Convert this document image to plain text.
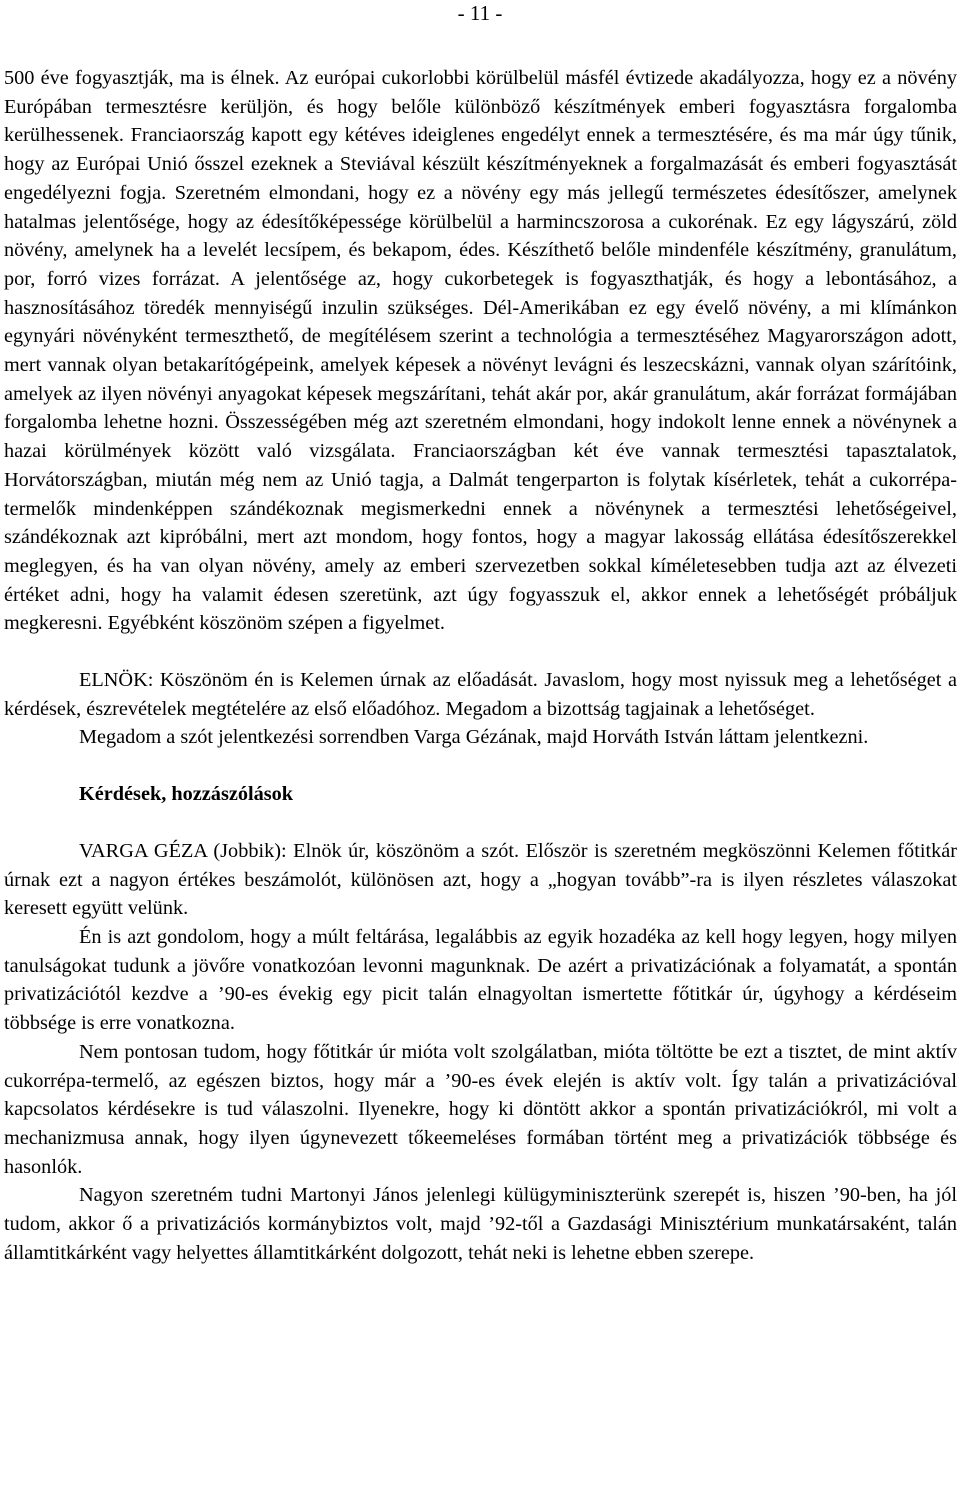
- 11 -

500 éve fogyasztják, ma is élnek. Az európai cukorlobbi körülbelül másfél évtizede akadályozza, hogy ez a növény Európában termesztésre kerüljön, és hogy belőle különböző készítmények emberi fogyasztásra forgalomba kerülhessenek. Franciaország kapott egy kétéves ideiglenes engedélyt ennek a termesztésére, és ma már úgy tűnik, hogy az Európai Unió ősszel ezeknek a Steviával készült készítményeknek a forgalmazását és emberi fogyasztását engedélyezni fogja. Szeretném elmondani, hogy ez a növény egy más jellegű természetes édesítőszer, amelynek hatalmas jelentősége, hogy az édesítőképessége körülbelül a harmincszorosa a cukorénak. Ez egy lágyszárú, zöld növény, amelynek ha a levelét lecsípem, és bekapom, édes. Készíthető belőle mindenféle készítmény, granulátum, por, forró vizes forrázat. A jelentősége az, hogy cukorbetegek is fogyaszthatják, és hogy a lebontásához, a hasznosításához töredék mennyiségű inzulin szükséges. Dél-Amerikában ez egy évelő növény, a mi klímánkon egynyári növényként termeszthető, de megítélésem szerint a technológia a termesztéséhez Magyarországon adott, mert vannak olyan betakarítógépeink, amelyek képesek a növényt levágni és leszecskázni, vannak olyan szárítóink, amelyek az ilyen növényi anyagokat képesek megszárítani, tehát akár por, akár granulátum, akár forrázat formájában forgalomba lehetne hozni. Összességében még azt szeretném elmondani, hogy indokolt lenne ennek a növénynek a hazai körülmények között való vizsgálata. Franciaországban két éve vannak termesztési tapasztalatok, Horvátországban, miután még nem az Unió tagja, a Dalmát tengerparton is folytak kísérletek, tehát a cukorrépa-termelők mindenképpen szándékoznak megismerkedni ennek a növénynek a termesztési lehetőségeivel, szándékoznak azt kipróbálni, mert azt mondom, hogy fontos, hogy a magyar lakosság ellátása édesítőszerekkel meglegyen, és ha van olyan növény, amely az emberi szervezetben sokkal kíméletesebben tudja azt az élvezeti értéket adni, hogy ha valamit édesen szeretünk, azt úgy fogyasszuk el, akkor ennek a lehetőségét próbáljuk megkeresni. Egyébként köszönöm szépen a figyelmet.

ELNÖK: Köszönöm én is Kelemen úrnak az előadását. Javaslom, hogy most nyissuk meg a lehetőséget a kérdések, észrevételek megtételére az első előadóhoz. Megadom a bizottság tagjainak a lehetőséget.

Megadom a szót jelentkezési sorrendben Varga Gézának, majd Horváth István láttam jelentkezni.

Kérdések, hozzászólások

VARGA GÉZA (Jobbik): Elnök úr, köszönöm a szót. Először is szeretném megköszönni Kelemen főtitkár úrnak ezt a nagyon értékes beszámolót, különösen azt, hogy a „hogyan tovább”-ra is ilyen részletes válaszokat keresett együtt velünk.

Én is azt gondolom, hogy a múlt feltárása, legalábbis az egyik hozadéka az kell hogy legyen, hogy milyen tanulságokat tudunk a jövőre vonatkozóan levonni magunknak. De azért a privatizációnak a folyamatát, a spontán privatizációtól kezdve a ’90-es évekig egy picit talán elnagyoltan ismertette főtitkár úr, úgyhogy a kérdéseim többsége is erre vonatkozna.

Nem pontosan tudom, hogy főtitkár úr mióta volt szolgálatban, mióta töltötte be ezt a tisztet, de mint aktív cukorrépa-termelő, az egészen biztos, hogy már a ’90-es évek elején is aktív volt. Így talán a privatizációval kapcsolatos kérdésekre is tud válaszolni. Ilyenekre, hogy ki döntött akkor a spontán privatizációkról, mi volt a mechanizmusa annak, hogy ilyen úgynevezett tőkeemeléses formában történt meg a privatizációk többsége és hasonlók.

Nagyon szeretném tudni Martonyi János jelenlegi külügyminiszterünk szerepét is, hiszen ’90-ben, ha jól tudom, akkor ő a privatizációs kormánybiztos volt, majd ’92-től a Gazdasági Minisztérium munkatársaként, talán államtitkárként vagy helyettes államtitkárként dolgozott, tehát neki is lehetne ebben szerepe.
